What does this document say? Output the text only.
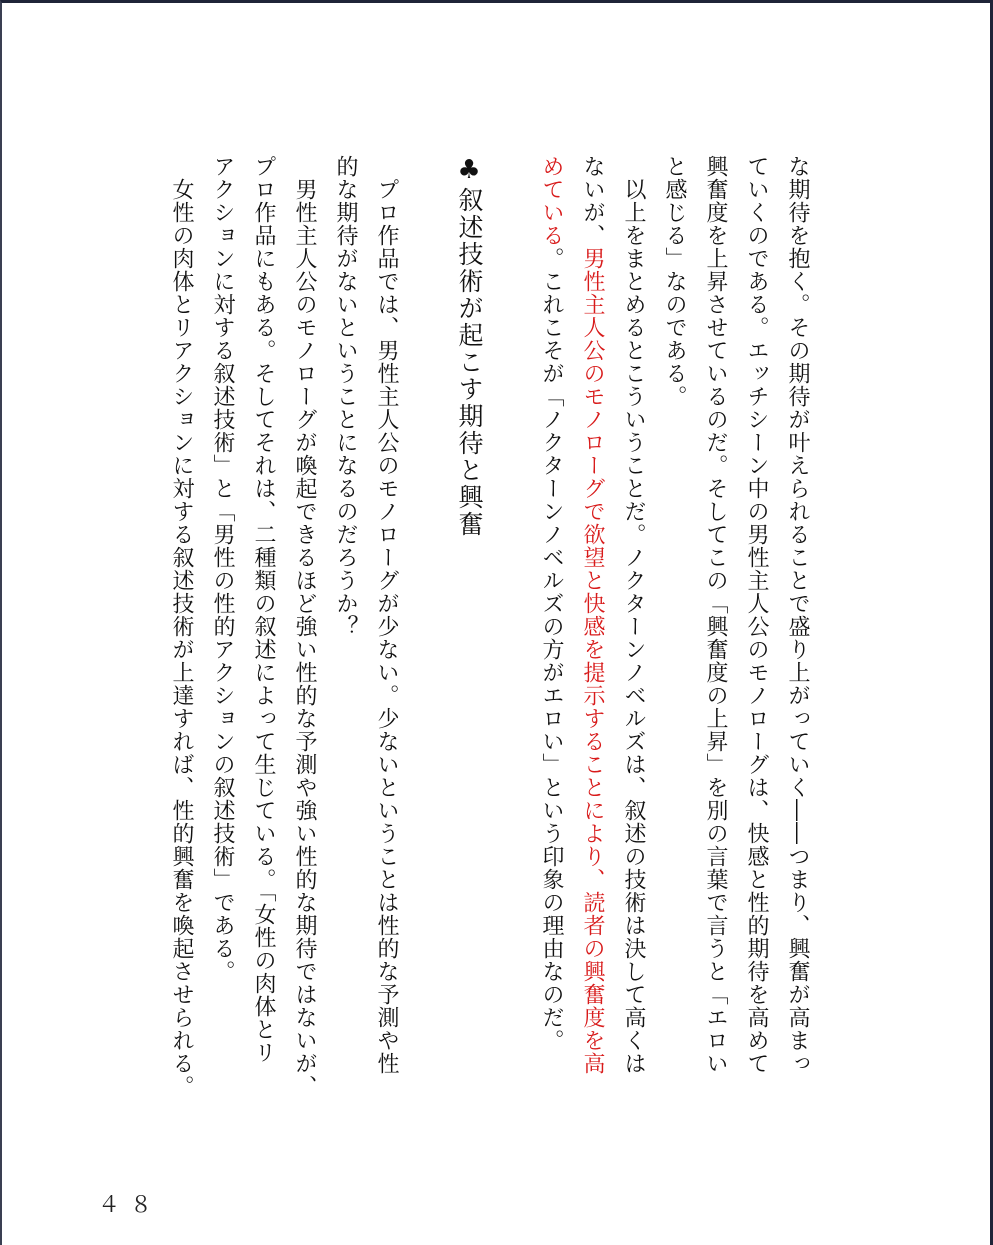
な期待を抱く。その期待が叶えられることで盛り上がっていく――つまり、興奮が高まっ
ていくのである。エッチシーン中の男性主人公のモノローグは、快感と性的期待を高めて
興奮度を上昇させているのだ。そしてこの「興奮度の上昇」を別の言葉で言うと「エロい
と感じる」なのである。
　以上をまとめるとこういうことだ。ノクターンノベルズは、叙述の技術は決して高くは
ないが、男性主人公のモノローグで欲望と快感を提示することにより、読者の興奮度を高
めている。これこそが「ノクターンノベルズの方がエロい」という印象の理由なのだ。
♣叙述技術が起こす期待と興奮
　プロ作品では、男性主人公のモノローグが少ない。少ないということは性的な予測や性
的な期待がないということになるのだろうか？
　男性主人公のモノローグが喚起できるほど強い性的な予測や強い性的な期待ではないが、
プロ作品にもある。そしてそれは、二種類の叙述によって生じている。「女性の肉体とリ
アクションに対する叙述技術」と「男性の性的アクションの叙述技術」である。
　女性の肉体とリアクションに対する叙述技術が上達すれば、性的興奮を喚起させられる。
４８
